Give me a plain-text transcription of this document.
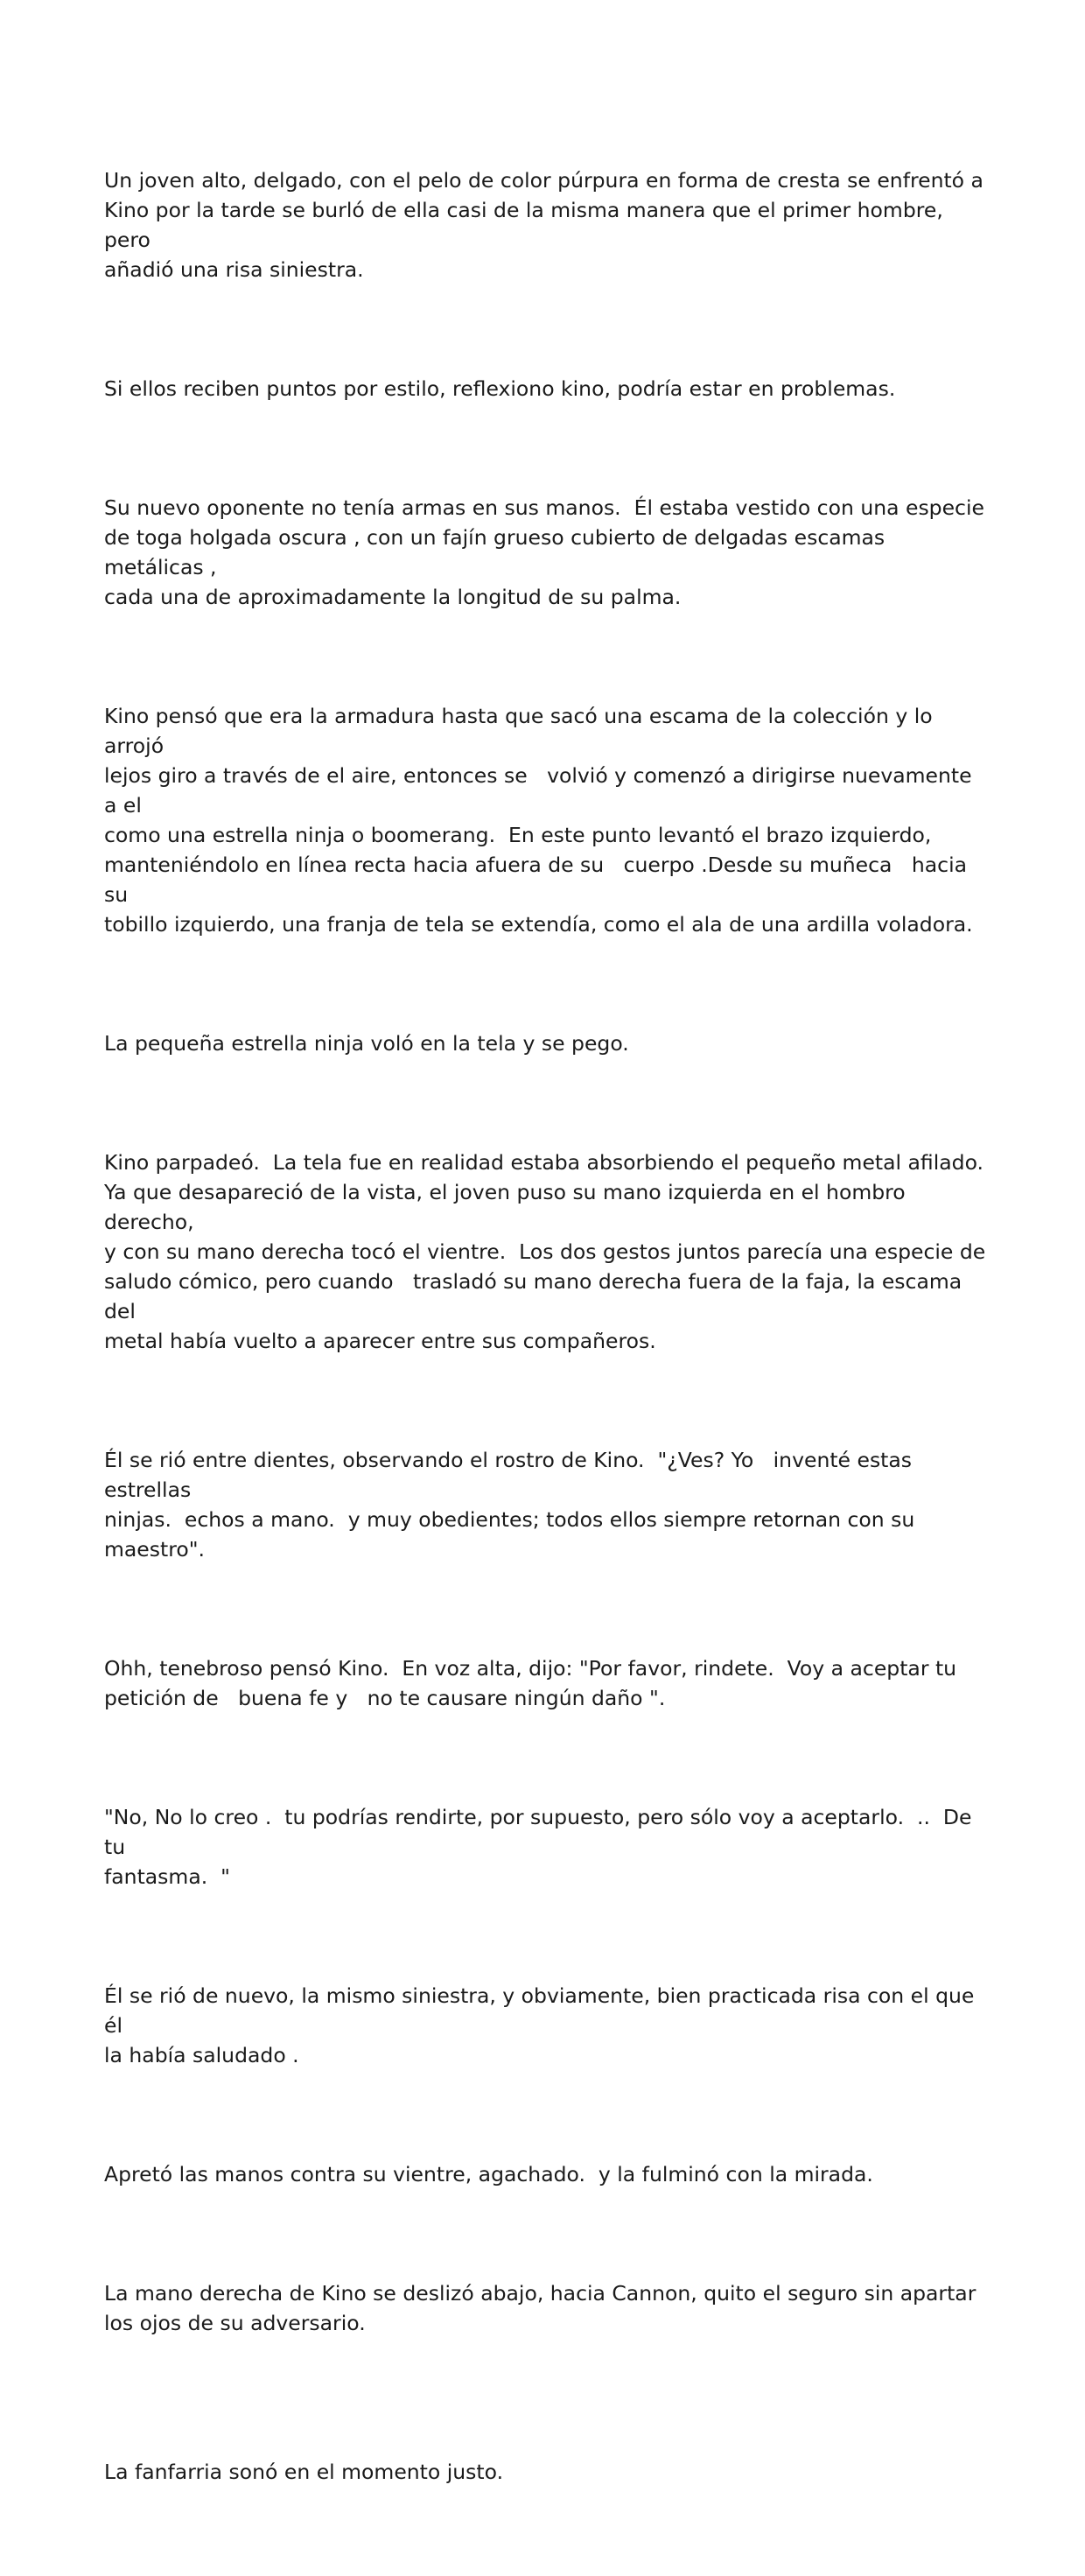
Un joven alto, delgado, con el pelo de color púrpura en forma de cresta se enfrentó a
Kino por la tarde se burló de ella casi de la misma manera que el primer hombre, pero
añadió una risa siniestra.

Si ellos reciben puntos por estilo, reflexiono kino, podría estar en problemas.

Su nuevo oponente no tenía armas en sus manos.  Él estaba vestido con una especie
de toga holgada oscura , con un fajín grueso cubierto de delgadas escamas metálicas ,
cada una de aproximadamente la longitud de su palma.

Kino pensó que era la armadura hasta que sacó una escama de la colección y lo arrojó
lejos giro a través de el aire, entonces se   volvió y comenzó a dirigirse nuevamente a el
como una estrella ninja o boomerang.  En este punto levantó el brazo izquierdo,
manteniéndolo en línea recta hacia afuera de su   cuerpo .Desde su muñeca   hacia su
tobillo izquierdo, una franja de tela se extendía, como el ala de una ardilla voladora.

La pequeña estrella ninja voló en la tela y se pego.

Kino parpadeó.  La tela fue en realidad estaba absorbiendo el pequeño metal afilado.
Ya que desapareció de la vista, el joven puso su mano izquierda en el hombro derecho,
y con su mano derecha tocó el vientre.  Los dos gestos juntos parecía una especie de
saludo cómico, pero cuando   trasladó su mano derecha fuera de la faja, la escama del
metal había vuelto a aparecer entre sus compañeros.

Él se rió entre dientes, observando el rostro de Kino.  "¿Ves? Yo   inventé estas estrellas
ninjas.  echos a mano.  y muy obedientes; todos ellos siempre retornan con su
maestro".

Ohh, tenebroso pensó Kino.  En voz alta, dijo: "Por favor, rindete.  Voy a aceptar tu
petición de   buena fe y   no te causare ningún daño ".

"No, No lo creo .  tu podrías rendirte, por supuesto, pero sólo voy a aceptarlo.  ..  De tu
fantasma.  "

Él se rió de nuevo, la mismo siniestra, y obviamente, bien practicada risa con el que él
la había saludado .

Apretó las manos contra su vientre, agachado.  y la fulminó con la mirada.

La mano derecha de Kino se deslizó abajo, hacia Cannon, quito el seguro sin apartar
los ojos de su adversario.

La fanfarria sonó en el momento justo.
